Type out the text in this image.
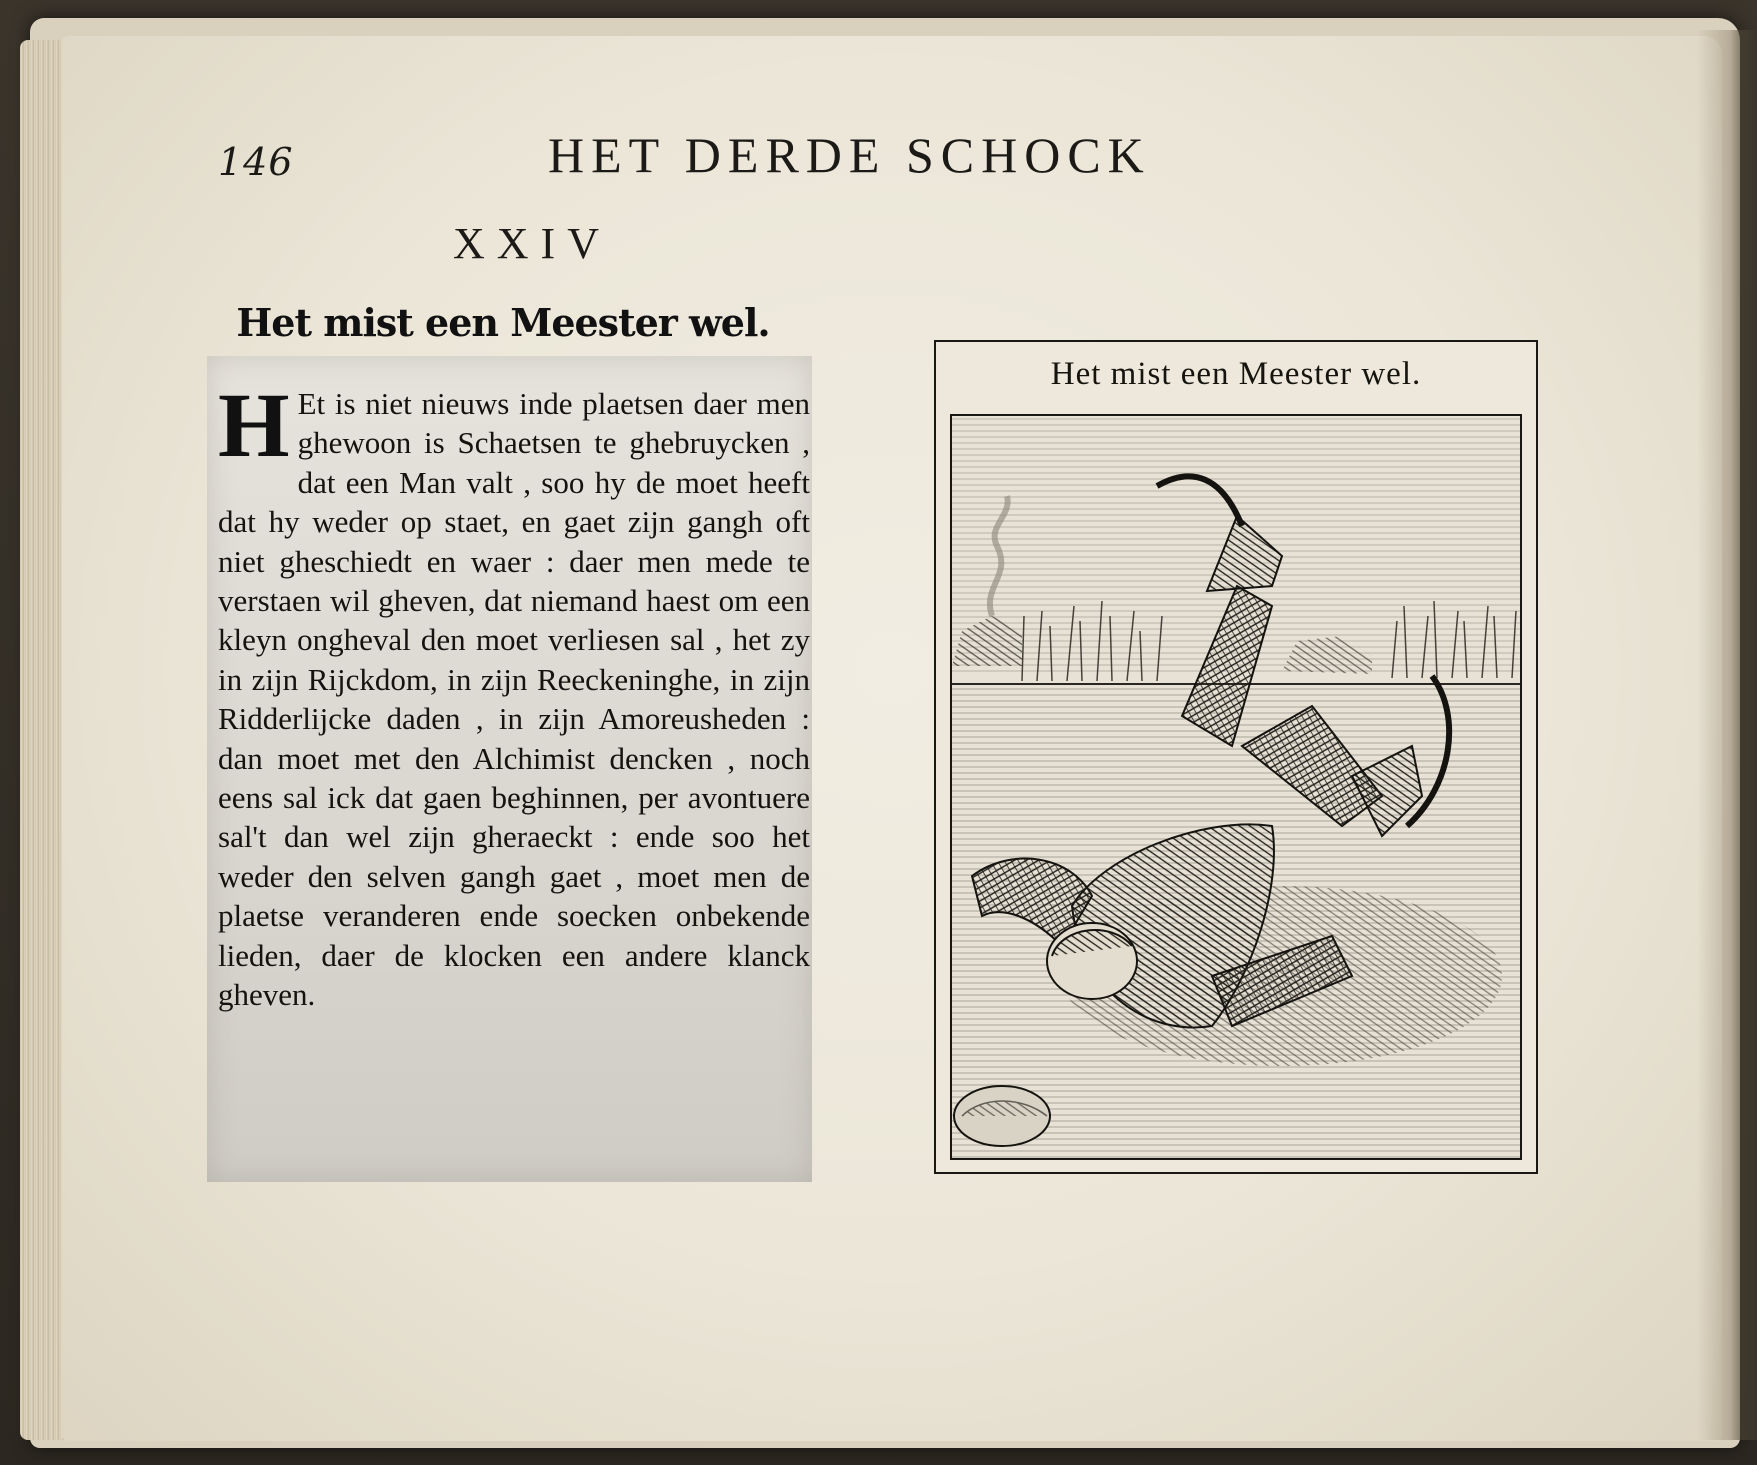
146	HET DERDE SCHOCK
XXIV
Het mist een Meester wel.
H Et is niet nieuws inde plaetsen daer men ghewoon is Schaetsen te ghebruycken , dat een Man valt , soo hy de moet heeft dat hy weder op staet, en gaet zijn gangh oft niet gheschiedt en waer : daer men mede te verstaen wil gheven, dat niemand haest om een kleyn ongheval den moet verliesen sal , het zy in zijn Rijckdom, in zijn Reeckeninghe, in zijn Ridderlijcke daden , in zijn Amoreusheden : dan moet met den Alchimist dencken , noch eens sal ick dat gaen beghinnen, per avontuere sal't dan wel zijn gheraeckt : ende soo het weder den selven gangh gaet , moet men de plaetse veranderen ende soecken onbekende lieden, daer de klocken een andere klanck gheven.
Het mist een Meester wel.
